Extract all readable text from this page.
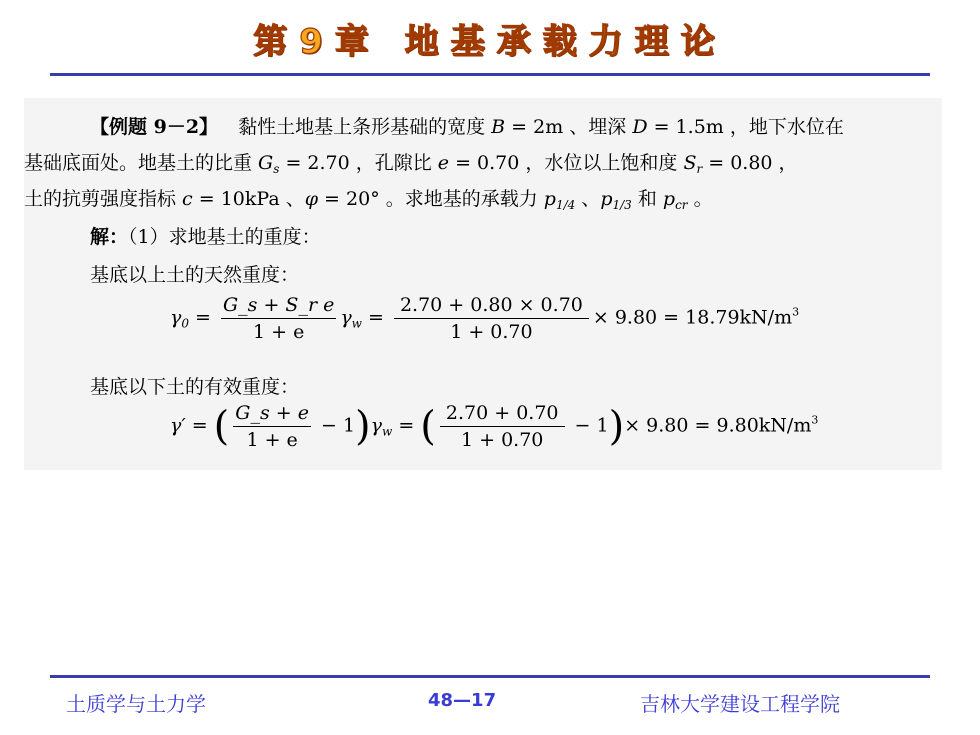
第9章 地基承载力理论
【例题 9－2】 黏性土地基上条形基础的宽度 B = 2m 、埋深 D = 1.5m ，地下水位在
基础底面处。地基土的比重 $G_s = 2.70$ ，孔隙比 e = 0.70 ，水位以上饱和度 $S_r = 0.80$ ，
土的抗剪强度指标 c = 10kPa 、φ = 20° 。求地基的承载力 $p_{1/4}$ 、$p_{1/3}$ 和 $p_{cr}$ 。
解：（1）求地基土的重度：
基底以上土的天然重度：
$\gamma_0 = \frac{\text{G\_s + S\_r e}}{1 + e} \gamma_w = \frac{2.70 + 0.80 \times 0.70}{1 + 0.70} \times 9.80 = 18.79kN/m^3$
基底以下土的有效重度：
γ′ = ( $\frac{G\_s + e}{1 + e} - 1)\gamma_w$ = ( $\frac{2.70 + 0.70}{1 + 0.70} - 1)\times 9.80 = 9.80kN/m^3$
土质学与土力学	48—17	吉林大学建设工程学院
